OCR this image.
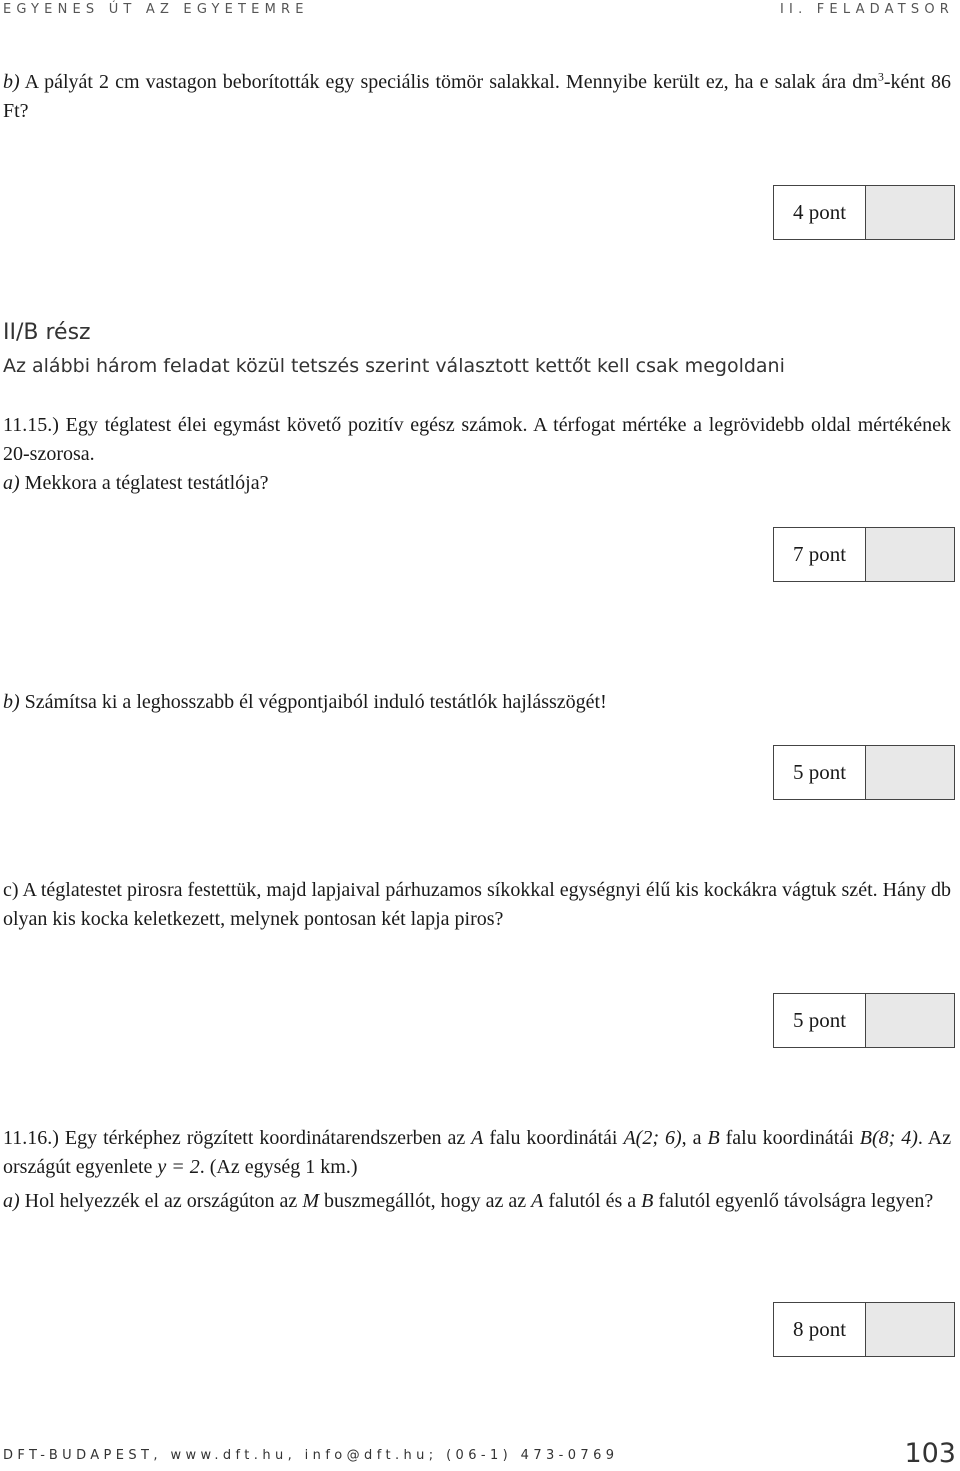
EGYENES ÚT AZ EGYETEMRE	II. FELADATSOR

b) A pályát 2 cm vastagon beborították egy speciális tömör salakkal. Mennyibe került ez, ha e salak ára $dm^3$-ként 86 Ft?

4 pont
II/B rész
Az alábbi három feladat közül tetszés szerint választott kettőt kell csak megoldani

11.15.) Egy téglatest élei egymást követő pozitív egész számok. A térfogat mértéke a legrövidebb oldal mértékének 20-szorosa.

a) Mekkora a téglatest testátlója?

7 pont

b) Számítsa ki a leghosszabb él végpontjaiból induló testátlók hajlásszögét!

5 pont

c) A téglatestet pirosra festettük, majd lapjaival párhuzamos síkokkal egységnyi élű kis kockákra vágtuk szét. Hány db olyan kis kocka keletkezett, melynek pontosan két lapja piros?

5 pont

11.16.) Egy térképhez rögzített koordinátarendszerben az A falu koordinátái A(2; 6), a B falu koordinátái B(8; 4). Az országút egyenlete y = 2. (Az egység 1 km.)

a) Hol helyezzék el az országúton az M buszmegállót, hogy az az A falutól és a B falutól egyenlő távolságra legyen?

8 pont
DFT-BUDAPEST, www.dft.hu, info@dft.hu; (06-1) 473-0769	103
